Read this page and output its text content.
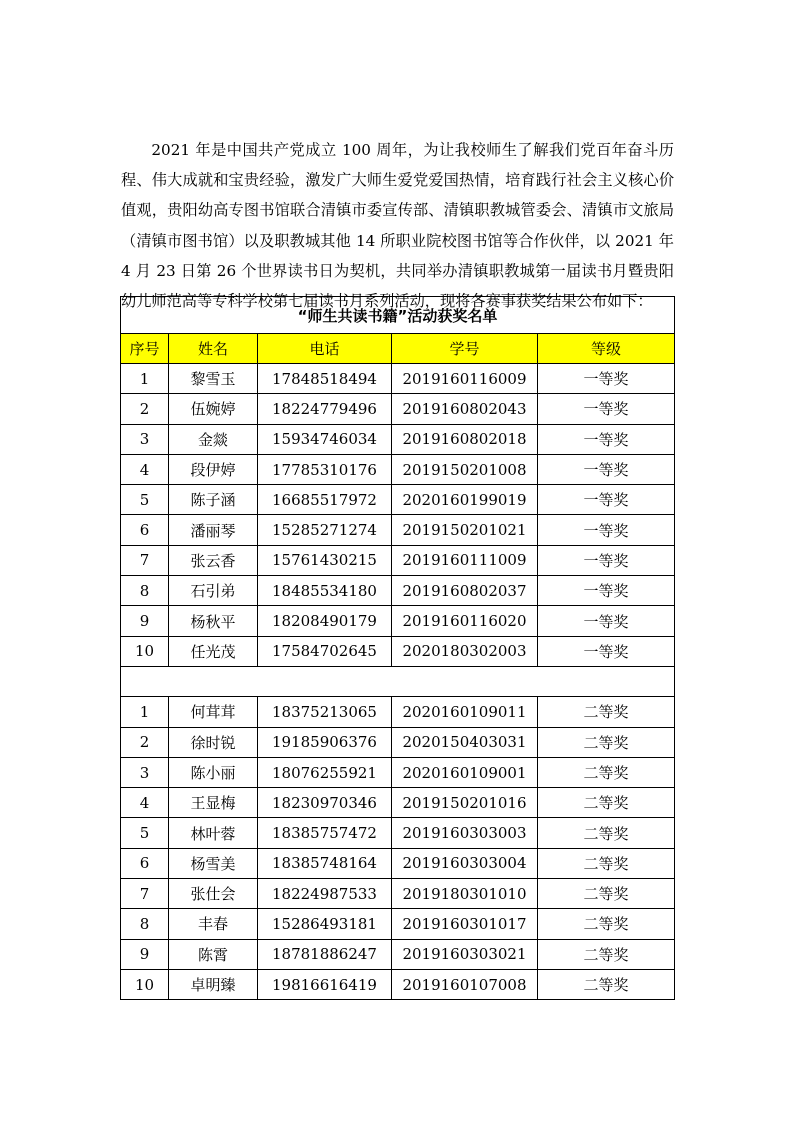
2021 年是中国共产党成立 100 周年，为让我校师生了解我们党百年奋斗历程、伟大成就和宝贵经验，激发广大师生爱党爱国热情，培育践行社会主义核心价值观，贵阳幼高专图书馆联合清镇市委宣传部、清镇职教城管委会、清镇市文旅局（清镇市图书馆）以及职教城其他 14 所职业院校图书馆等合作伙伴，以 2021 年 4 月 23 日第 26 个世界读书日为契机，共同举办清镇职教城第一届读书月暨贵阳幼儿师范高等专科学校第七届读书月系列活动，现将各赛事获奖结果公布如下：

“师生共读书籍”活动获奖名单				
序号	姓名	电话	学号	等级
1	黎雪玉	17848518494	2019160116009	一等奖
2	伍婉婷	18224779496	2019160802043	一等奖
3	金燚	15934746034	2019160802018	一等奖
4	段伊婷	17785310176	2019150201008	一等奖
5	陈子涵	16685517972	2020160199019	一等奖
6	潘丽琴	15285271274	2019150201021	一等奖
7	张云香	15761430215	2019160111009	一等奖
8	石引弟	18485534180	2019160802037	一等奖
9	杨秋平	18208490179	2019160116020	一等奖
10	任光茂	17584702645	2020180302003	一等奖

1	何茸茸	18375213065	2020160109011	二等奖
2	徐时锐	19185906376	2020150403031	二等奖
3	陈小丽	18076255921	2020160109001	二等奖
4	王显梅	18230970346	2019150201016	二等奖
5	林叶蓉	18385757472	2019160303003	二等奖
6	杨雪美	18385748164	2019160303004	二等奖
7	张仕会	18224987533	2019180301010	二等奖
8	丰春	15286493181	2019160301017	二等奖
9	陈霄	18781886247	2019160303021	二等奖
10	卓明臻	19816616419	2019160107008	二等奖
